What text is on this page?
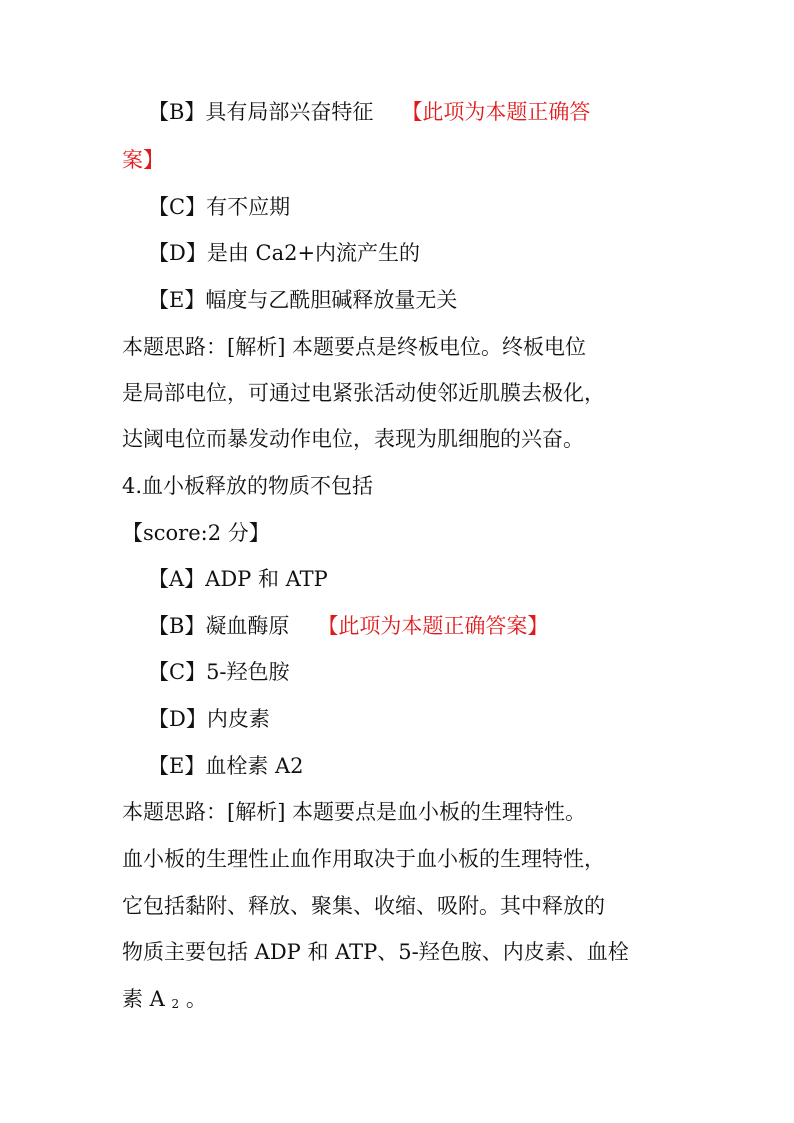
【B】具有局部兴奋特征 【此项为本题正确答
案】
【C】有不应期
【D】是由 Ca2+内流产生的
【E】幅度与乙酰胆碱释放量无关
本题思路：[解析] 本题要点是终板电位。终板电位
是局部电位，可通过电紧张活动使邻近肌膜去极化，
达阈电位而暴发动作电位，表现为肌细胞的兴奋。
4.血小板释放的物质不包括
【score:2 分】
【A】ADP 和 ATP
【B】凝血酶原 【此项为本题正确答案】
【C】5-羟色胺
【D】内皮素
【E】血栓素 A2
本题思路：[解析] 本题要点是血小板的生理特性。
血小板的生理性止血作用取决于血小板的生理特性，
它包括黏附、释放、聚集、收缩、吸附。其中释放的
物质主要包括 ADP 和 ATP、5-羟色胺、内皮素、血栓
素 A 2 。
